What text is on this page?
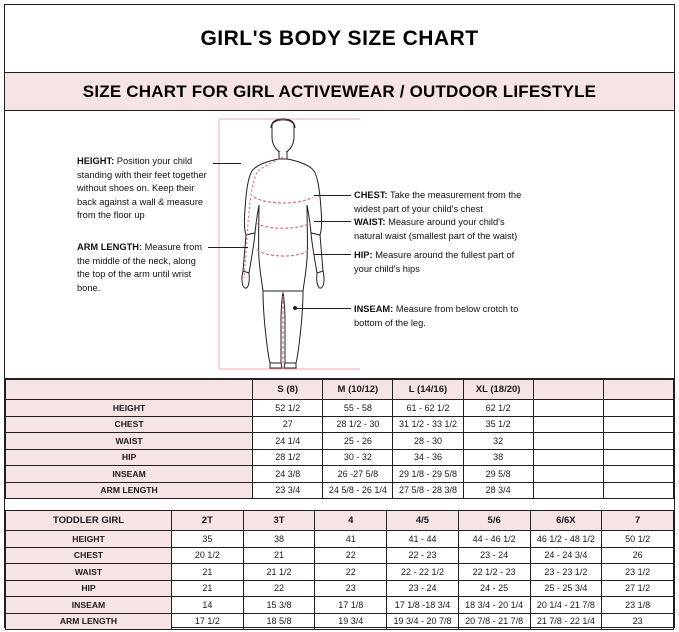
GIRL'S BODY SIZE CHART
SIZE CHART FOR GIRL ACTIVEWEAR / OUTDOOR LIFESTYLE
HEIGHT: Position your child standing with their feet together without shoes on. Keep their back against a wall & measure from the floor up
ARM LENGTH: Measure from the middle of the neck, along the top of the arm until wrist bone.
CHEST: Take the measurement from the widest part of your child's chest
WAIST: Measure around your child's natural waist (smallest part of the waist)
HIP: Measure around the fullest part of your child's hips
INSEAM: Measure from below crotch to bottom of the leg.
	S (8)	M (10/12)	L (14/16)	XL (18/20)		
HEIGHT	52 1/2	55 - 58	61 - 62 1/2	62 1/2		
CHEST	27	28 1/2 - 30	31 1/2 - 33 1/2	35 1/2		
WAIST	24 1/4	25 - 26	28 - 30	32		
HIP	28 1/2	30 - 32	34 - 36	38		
INSEAM	24 3/8	26 -27 5/8	29 1/8 - 29 5/8	29 5/8		
ARM LENGTH	23 3/4	24 5/8 - 26 1/4	27 5/8 - 28 3/8	28 3/4		
TODDLER GIRL	2T	3T	4	4/5	5/6	6/6X	7
HEIGHT	35	38	41	41 - 44	44 - 46 1/2	46 1/2 - 48 1/2	50 1/2
CHEST	20 1/2	21	22	22 - 23	23 - 24	24 - 24 3/4	26
WAIST	21	21 1/2	22	22 - 22 1/2	22 1/2 - 23	23 - 23 1/2	23 1/2
HIP	21	22	23	23 - 24	24 - 25	25 - 25 3/4	27 1/2
INSEAM	14	15 3/8	17 1/8	17 1/8 -18 3/4	18 3/4 - 20 1/4	20 1/4 - 21 7/8	23 1/8
ARM LENGTH	17 1/2	18 5/8	19 3/4	19 3/4 - 20 7/8	20 7/8 - 21 7/8	21 7/8 - 22 1/4	23
